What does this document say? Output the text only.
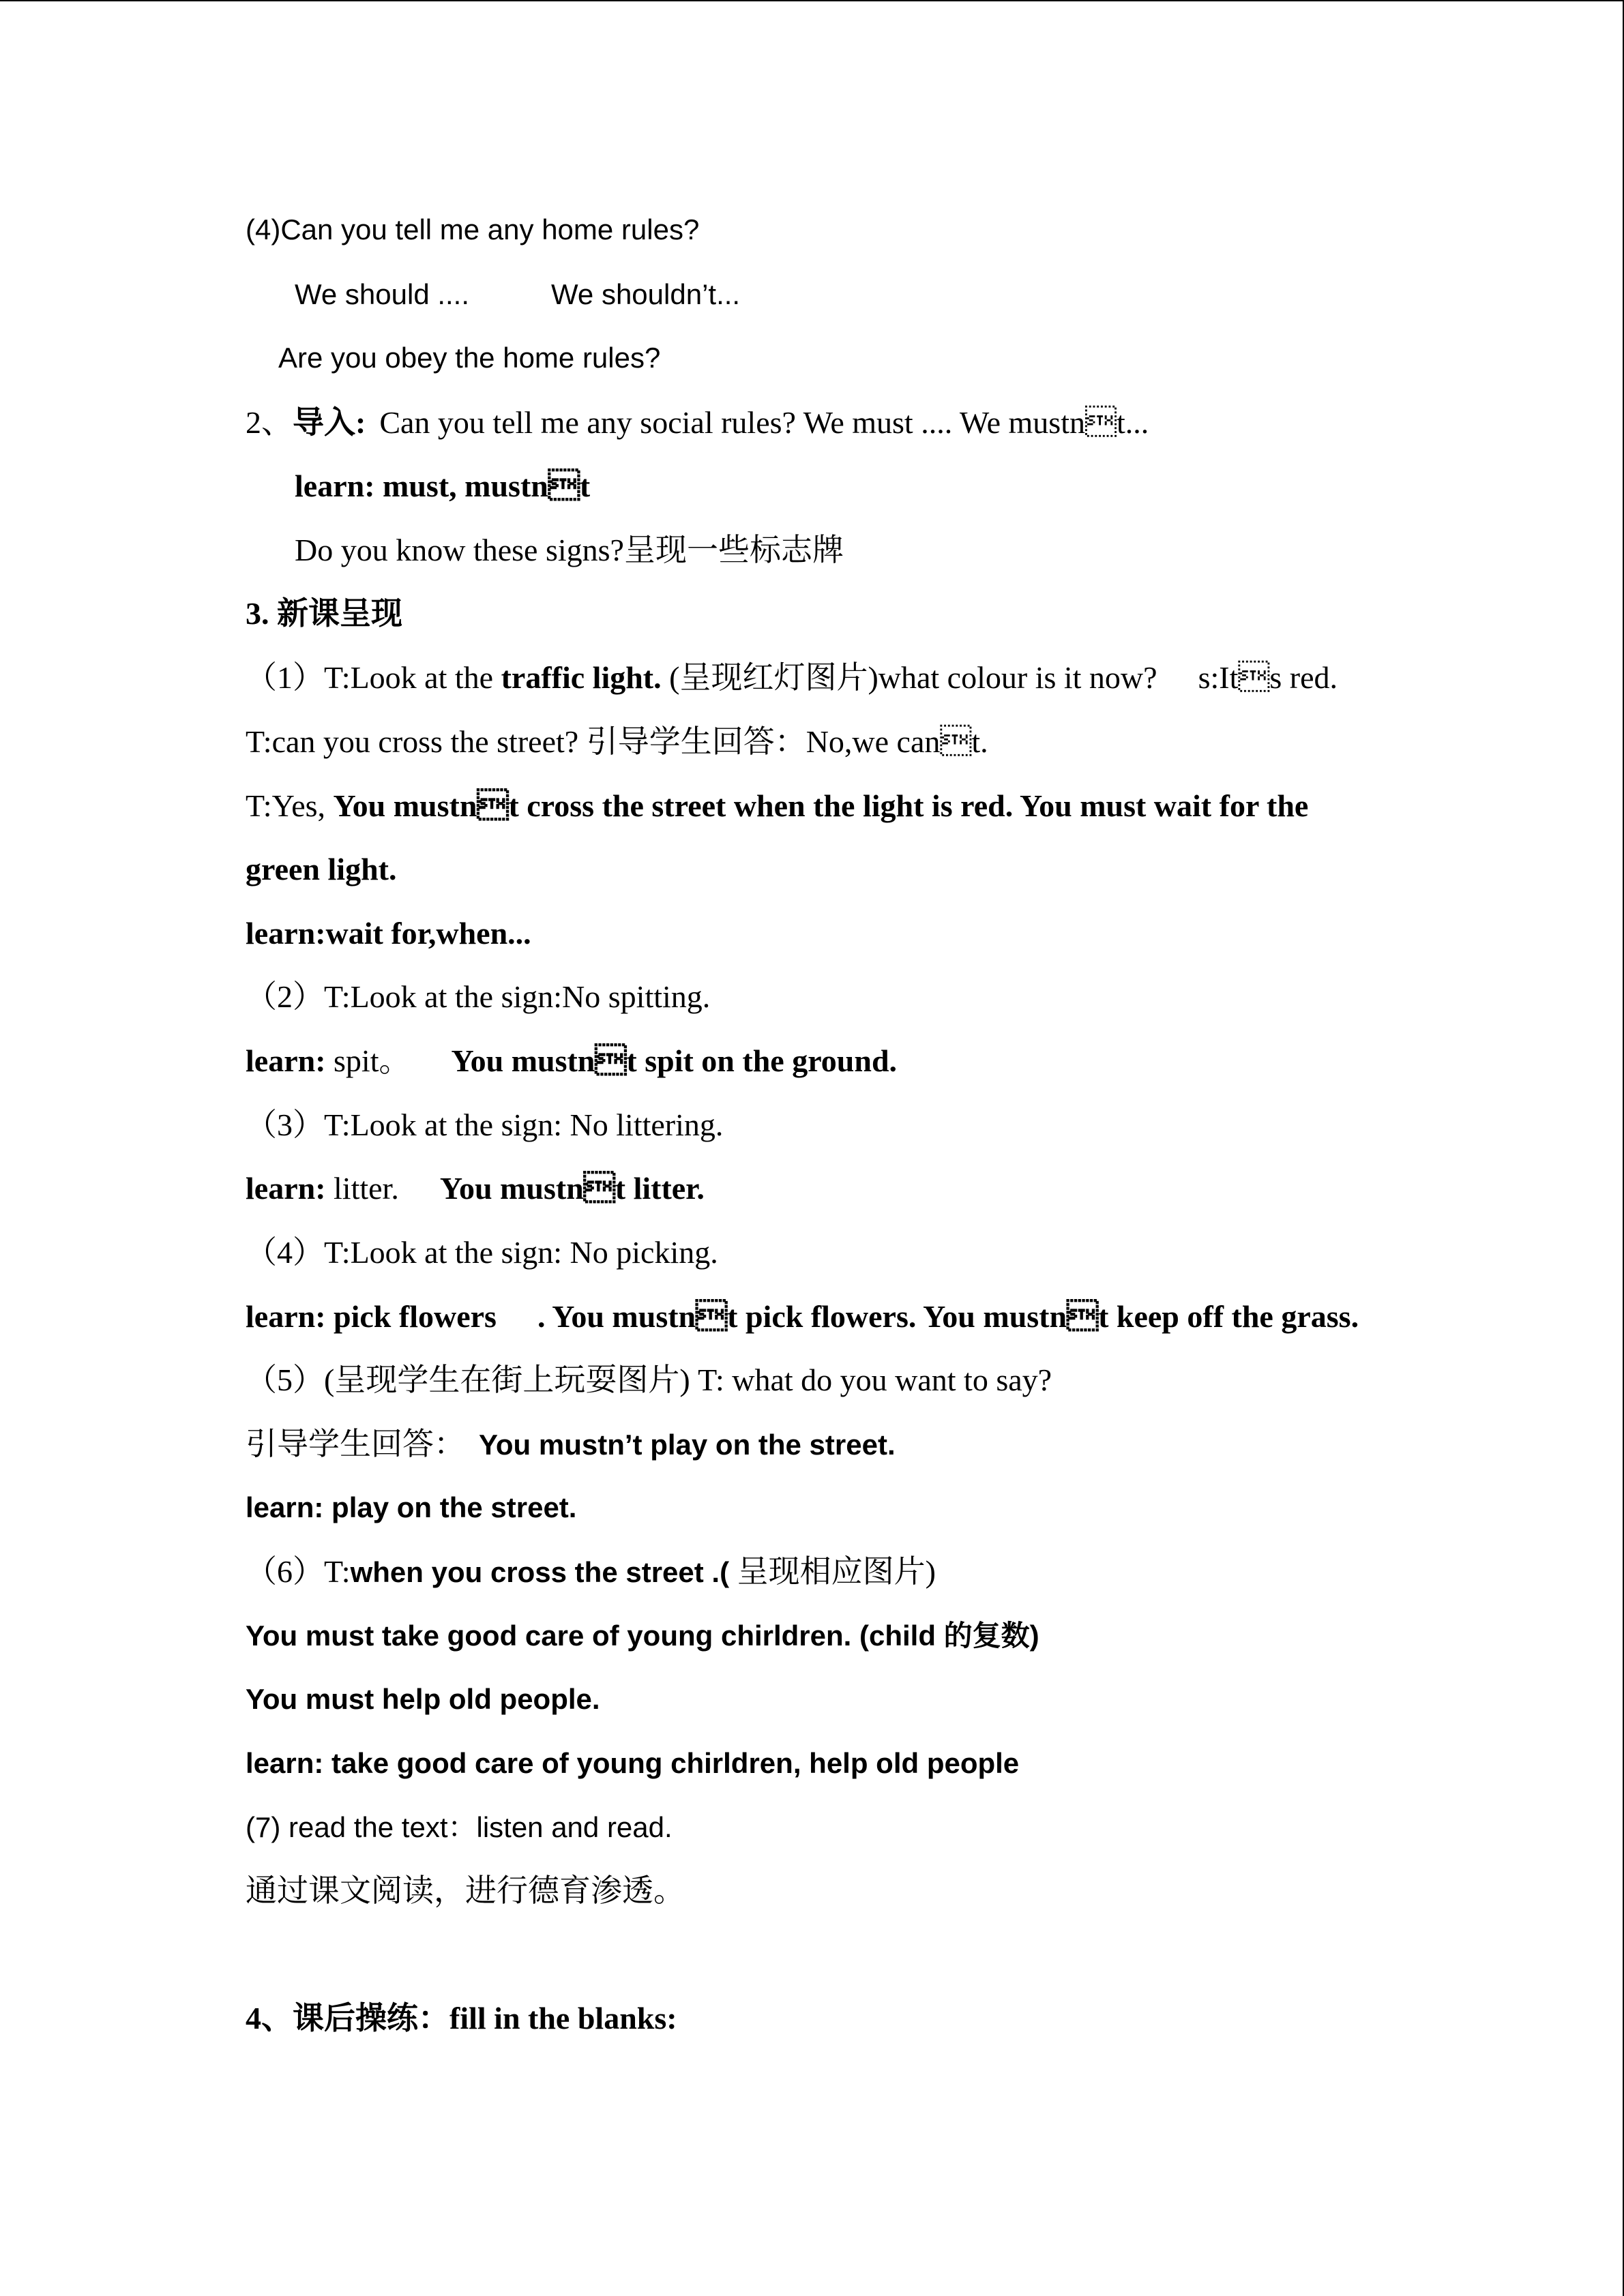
(4)Can you tell me any home rules?
We should ....	We shouldn’t...
Are you obey the home rules?
2、导入: Can you tell me any social rules? We must .... We mustnt...
learn: must, mustnt
Do you know these signs?呈现一些标志牌
3. 新课呈现
（1）T:Look at the traffic light. (呈现红灯图片)what colour is it now? s:Its red.
T:can you cross the street? 引导学生回答：No,we cant.
T:Yes, You mustnt cross the street when the light is red. You must wait for the
green light.
learn:wait for,when...
（2）T:Look at the sign:No spitting.
learn: spit。 You mustnt spit on the ground.
（3）T:Look at the sign: No littering.
learn: litter. You mustnt litter.
（4）T:Look at the sign: No picking.
learn: pick flowers . You mustnt pick flowers. You mustnt keep off the grass.
（5）(呈现学生在街上玩耍图片) T: what do you want to say?
引导学生回答： You mustn’t play on the street.
learn: play on the street.
（6）T:when you cross the street .( 呈现相应图片)
You must take good care of young chirldren. (child 的复数)
You must help old people.
learn: take good care of young chirldren, help old people
(7) read the text：listen and read.
通过课文阅读，进行德育渗透。
4、课后操练：fill in the blanks:
